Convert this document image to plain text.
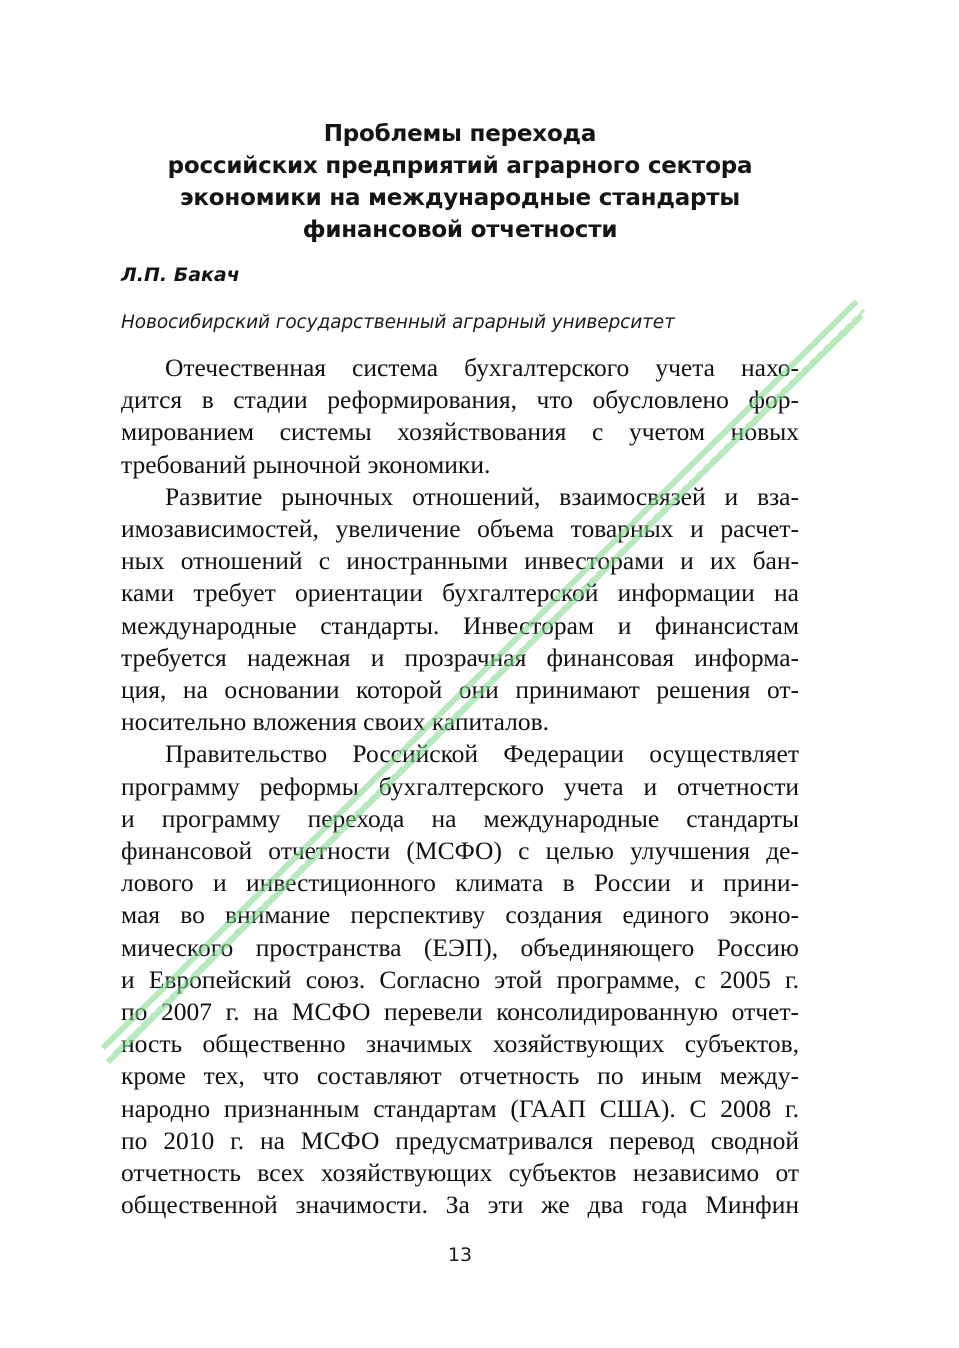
Проблемы перехода
российских предприятий аграрного сектора
экономики на международные стандарты
финансовой отчетности

Л.П. Бакач

Новосибирский государственный аграрный университет

Отечественная система бухгалтерского учета нахо-
дится в стадии реформирования, что обусловлено фор-
мированием системы хозяйствования с учетом новых
требований рыночной экономики.

Развитие рыночных отношений, взаимосвязей и вза-
имозависимостей, увеличение объема товарных и расчет-
ных отношений с иностранными инвесторами и их бан-
ками требует ориентации бухгалтерской информации на
международные стандарты. Инвесторам и финансистам
требуется надежная и прозрачная финансовая информа-
ция, на основании которой они принимают решения от-
носительно вложения своих капиталов.

Правительство Российской Федерации осуществляет
программу реформы бухгалтерского учета и отчетности
и программу перехода на международные стандарты
финансовой отчетности (МСФО) с целью улучшения де-
лового и инвестиционного климата в России и прини-
мая во внимание перспективу создания единого эконо-
мического пространства (ЕЭП), объединяющего Россию
и Европейский союз. Согласно этой программе, с 2005 г.
по 2007 г. на МСФО перевели консолидированную отчет-
ность общественно значимых хозяйствующих субъектов,
кроме тех, что составляют отчетность по иным между-
народно признанным стандартам (ГААП США). С 2008 г.
по 2010 г. на МСФО предусматривался перевод сводной
отчетность всех хозяйствующих субъектов независимо от
общественной значимости. За эти же два года Минфин

13
